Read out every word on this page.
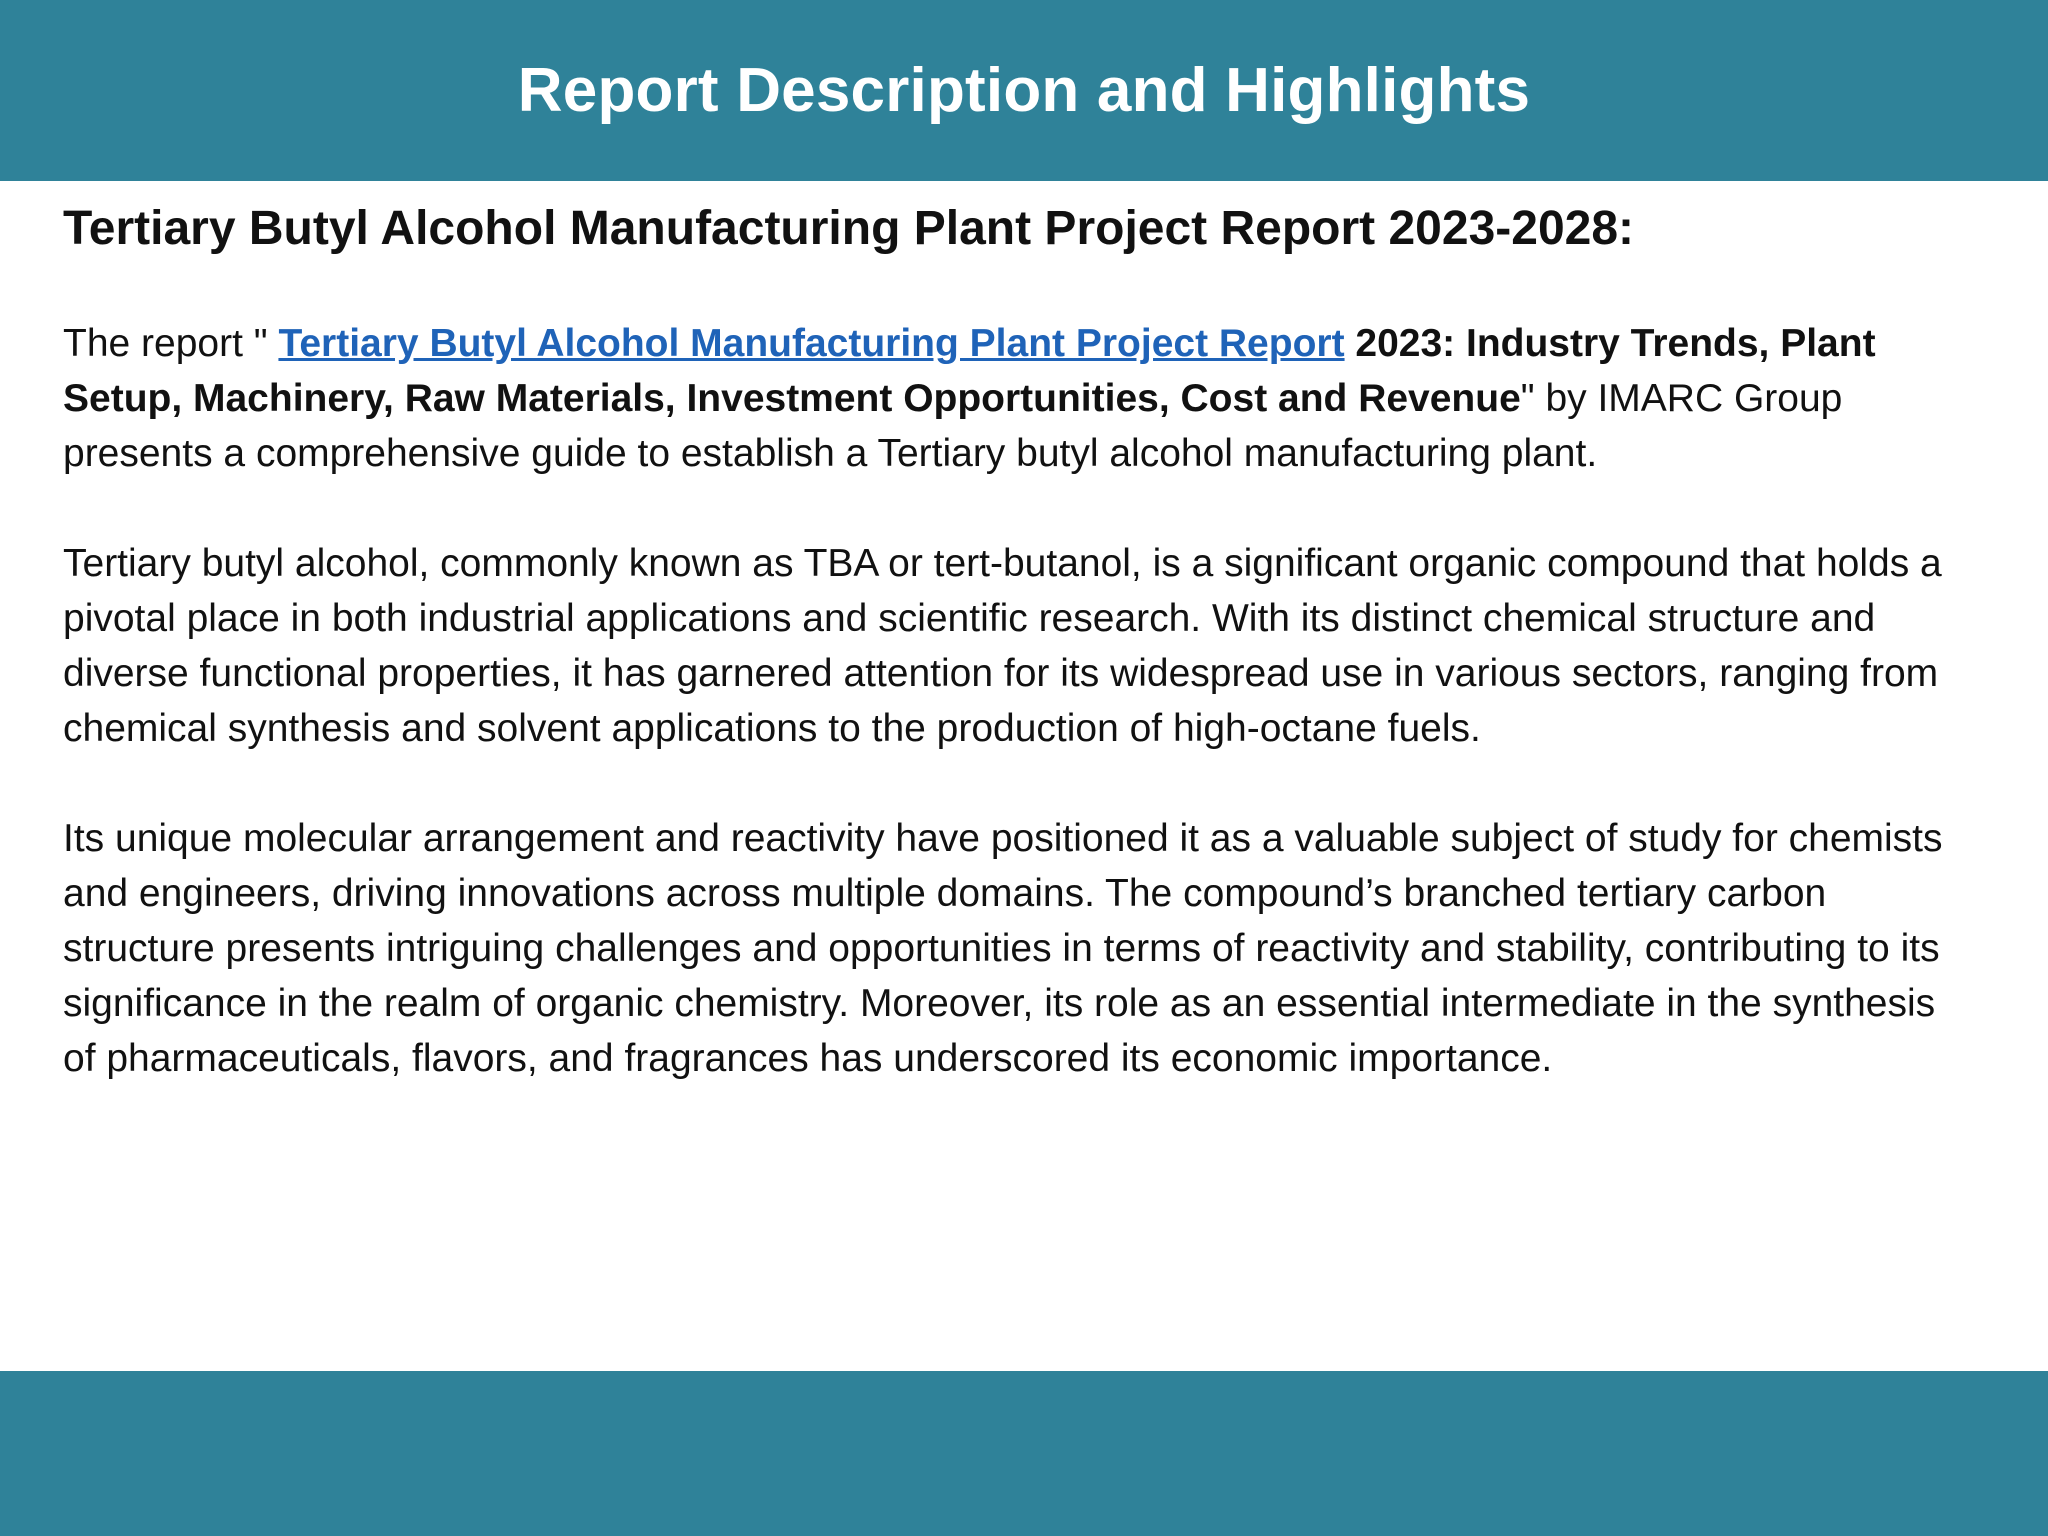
Report Description and Highlights
Tertiary Butyl Alcohol Manufacturing Plant Project Report 2023-2028:

The report " Tertiary Butyl Alcohol Manufacturing Plant Project Report 2023: Industry Trends, Plant Setup, Machinery, Raw Materials, Investment Opportunities, Cost and Revenue" by IMARC Group presents a comprehensive guide to establish a Tertiary butyl alcohol manufacturing plant.

Tertiary butyl alcohol, commonly known as TBA or tert-butanol, is a significant organic compound that holds a pivotal place in both industrial applications and scientific research. With its distinct chemical structure and diverse functional properties, it has garnered attention for its widespread use in various sectors, ranging from chemical synthesis and solvent applications to the production of high-octane fuels.

Its unique molecular arrangement and reactivity have positioned it as a valuable subject of study for chemists and engineers, driving innovations across multiple domains. The compound’s branched tertiary carbon structure presents intriguing challenges and opportunities in terms of reactivity and stability, contributing to its significance in the realm of organic chemistry. Moreover, its role as an essential intermediate in the synthesis of pharmaceuticals, flavors, and fragrances has underscored its economic importance.
